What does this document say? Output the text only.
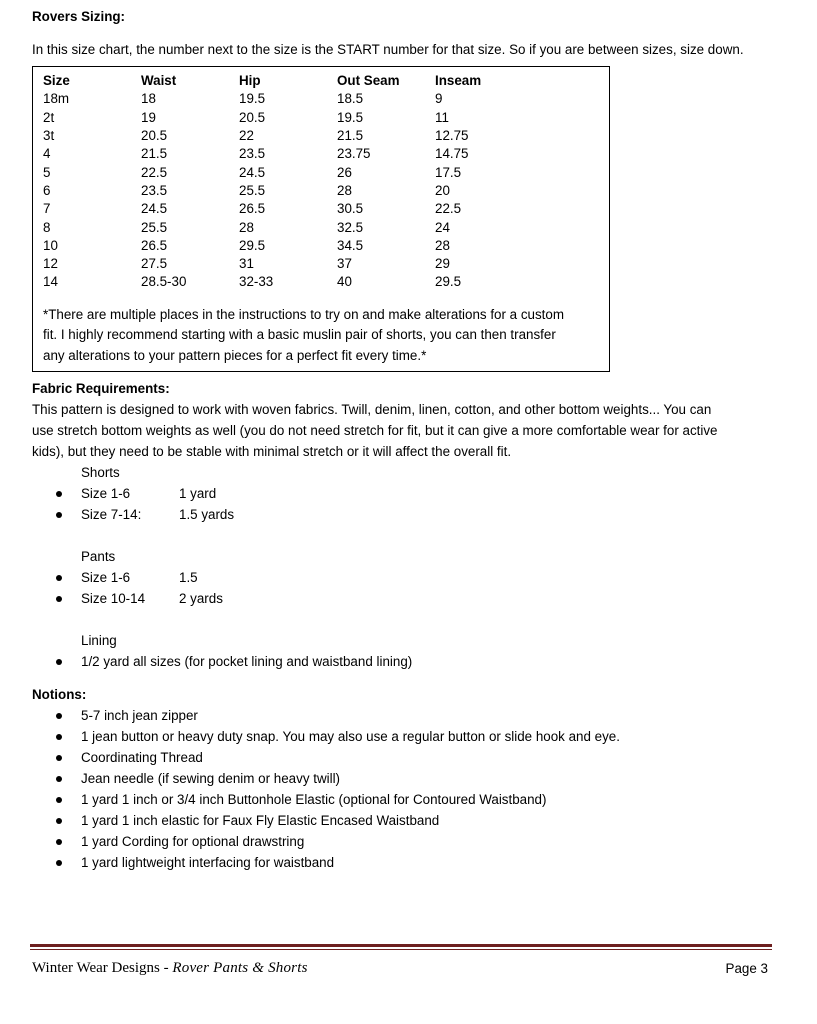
Rovers Sizing:
In this size chart, the number next to the size is the START number for that size. So if you are between sizes, size down.
Size	Waist	Hip	Out Seam	Inseam
18m	18	19.5	18.5	9
2t	19	20.5	19.5	11
3t	20.5	22	21.5	12.75
4	21.5	23.5	23.75	14.75
5	22.5	24.5	26	17.5
6	23.5	25.5	28	20
7	24.5	26.5	30.5	22.5
8	25.5	28	32.5	24
10	26.5	29.5	34.5	28
12	27.5	31	37	29
14	28.5-30	32-33	40	29.5
*There are multiple places in the instructions to try on and make alterations for a custom
fit. I highly recommend starting with a basic muslin pair of shorts, you can then transfer
any alterations to your pattern pieces for a perfect fit every time.*
Fabric Requirements:
This pattern is designed to work with woven fabrics. Twill, denim, linen, cotton, and other bottom weights... You can
use stretch bottom weights as well (you do not need stretch for fit, but it can give a more comfortable wear for active
kids), but they need to be stable with minimal stretch or it will affect the overall fit.
Shorts
Size 1-6	1 yard
Size 7-14:	1.5 yards
Pants
Size 1-6	1.5
Size 10-14	2 yards
Lining
1/2 yard all sizes (for pocket lining and waistband lining)
Notions:
5-7 inch jean zipper
1 jean button or heavy duty snap. You may also use a regular button or slide hook and eye.
Coordinating Thread
Jean needle (if sewing denim or heavy twill)
1 yard 1 inch or 3/4 inch Buttonhole Elastic (optional for Contoured Waistband)
1 yard 1 inch elastic for Faux Fly Elastic Encased Waistband
1 yard Cording for optional drawstring
1 yard lightweight interfacing for waistband
Winter Wear Designs - Rover Pants & Shorts	Page 3
